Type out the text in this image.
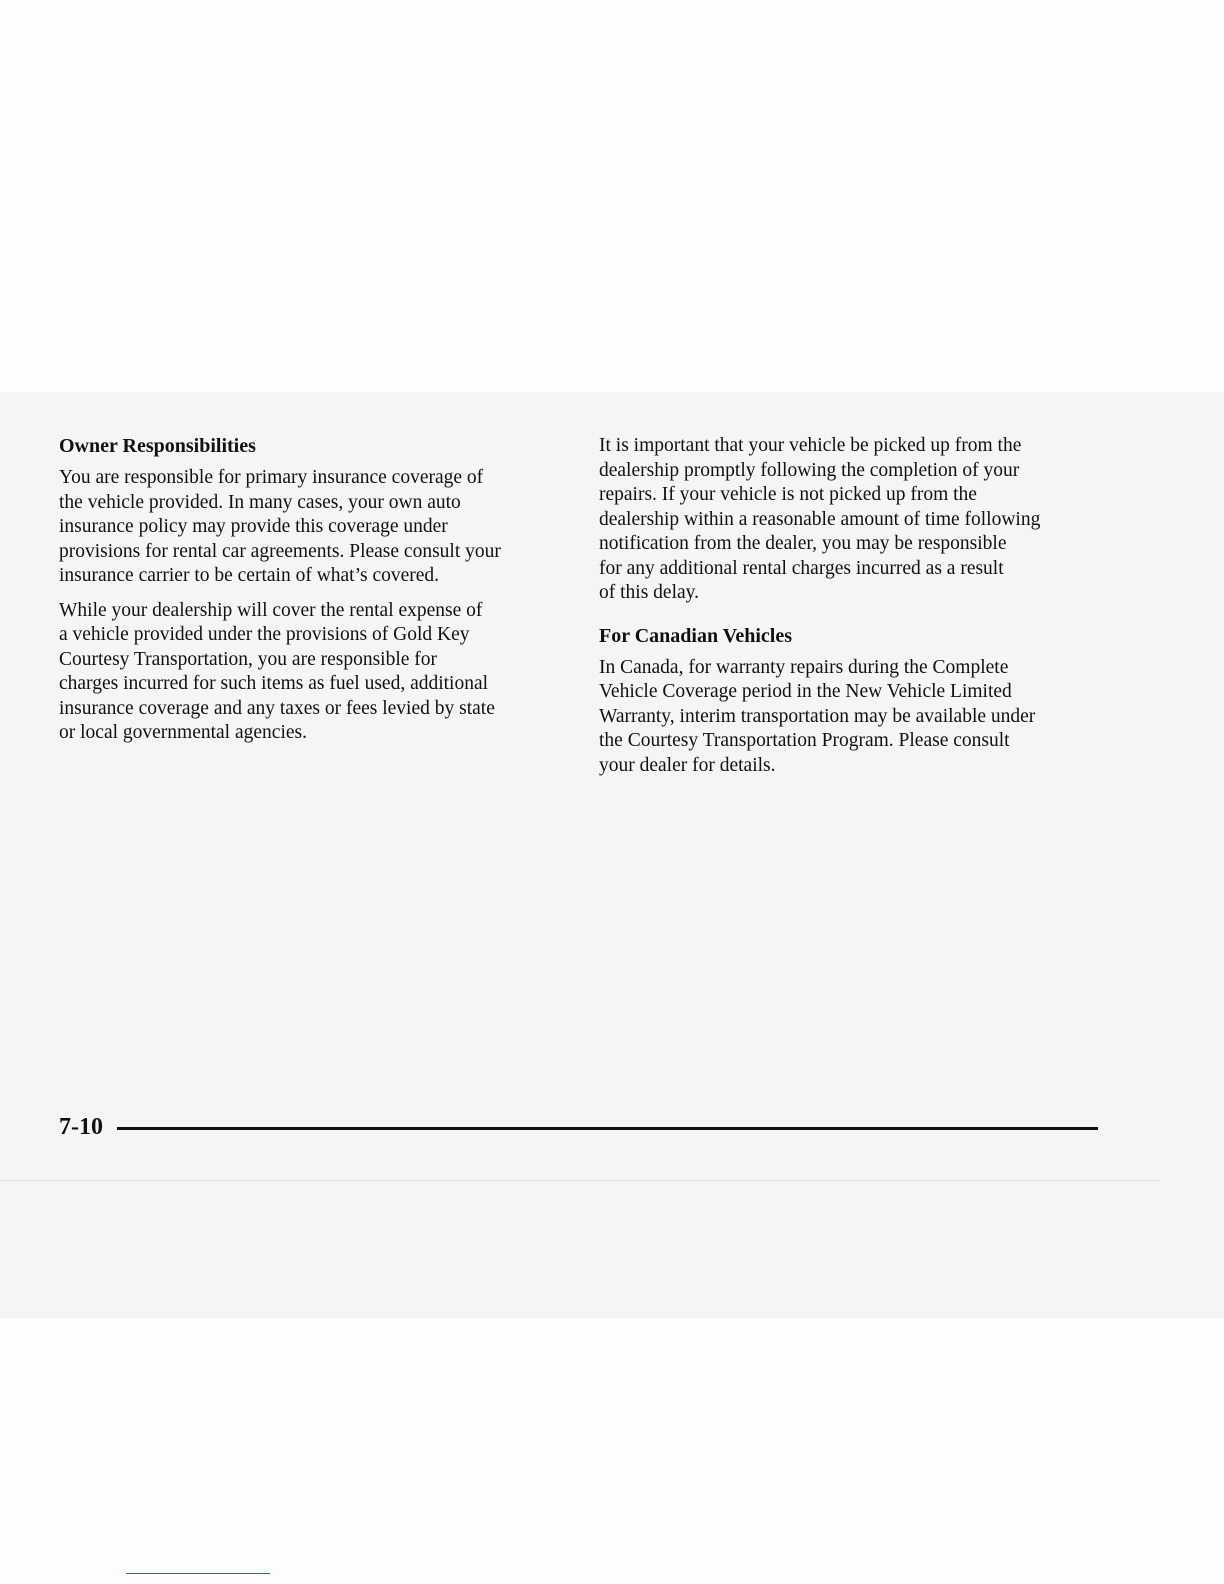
Owner Responsibilities

You are responsible for primary insurance coverage of
the vehicle provided. In many cases, your own auto
insurance policy may provide this coverage under
provisions for rental car agreements. Please consult your
insurance carrier to be certain of what’s covered.

While your dealership will cover the rental expense of
a vehicle provided under the provisions of Gold Key
Courtesy Transportation, you are responsible for
charges incurred for such items as fuel used, additional
insurance coverage and any taxes or fees levied by state
or local governmental agencies.

It is important that your vehicle be picked up from the
dealership promptly following the completion of your
repairs. If your vehicle is not picked up from the
dealership within a reasonable amount of time following
notification from the dealer, you may be responsible
for any additional rental charges incurred as a result
of this delay.

For Canadian Vehicles

In Canada, for warranty repairs during the Complete
Vehicle Coverage period in the New Vehicle Limited
Warranty, interim transportation may be available under
the Courtesy Transportation Program. Please consult
your dealer for details.

7-10
